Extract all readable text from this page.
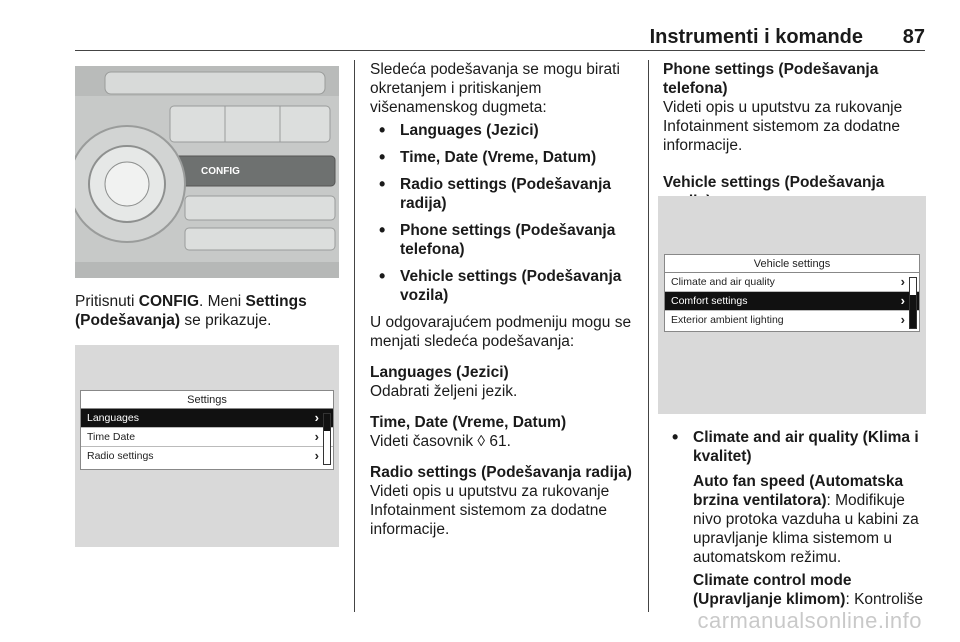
Instrumenti i komande 87
CONFIG

Pritisnuti CONFIG. Meni Settings (Podešavanja) se prikazuje.

Settings
Languages	›
Time Date	›
Radio settings	›

Sledeća podešavanja se mogu birati okretanjem i pritiskanjem višenamenskog dugmeta:

• Languages (Jezici)
• Time, Date (Vreme, Datum)
• Radio settings (Podešavanja radija)
• Phone settings (Podešavanja telefona)
• Vehicle settings (Podešavanja vozila)

U odgovarajućem podmeniju mogu se menjati sledeća podešavanja:

Languages (Jezici)
Odabrati željeni jezik.

Time, Date (Vreme, Datum)
Videti časovnik ◊ 61.

Radio settings (Podešavanja radija)
Videti opis u uputstvu za rukovanje Infotainment sistemom za dodatne informacije.

Phone settings (Podešavanja telefona)
Videti opis u uputstvu za rukovanje Infotainment sistemom za dodatne informacije.

Vehicle settings (Podešavanja

Vehicle settings
Climate and air quality	›
Comfort settings	›
Exterior ambient lighting	›
• Climate and air quality (Klima i kvalitet)

Auto fan speed (Automatska brzina ventilatora): Modifikuje nivo protoka vazduha u kabini za upravljanje klima sistemom u automatskom režimu.

Climate control mode (Upravljanje klimom): Kontroliše

carmanualsonline.info
